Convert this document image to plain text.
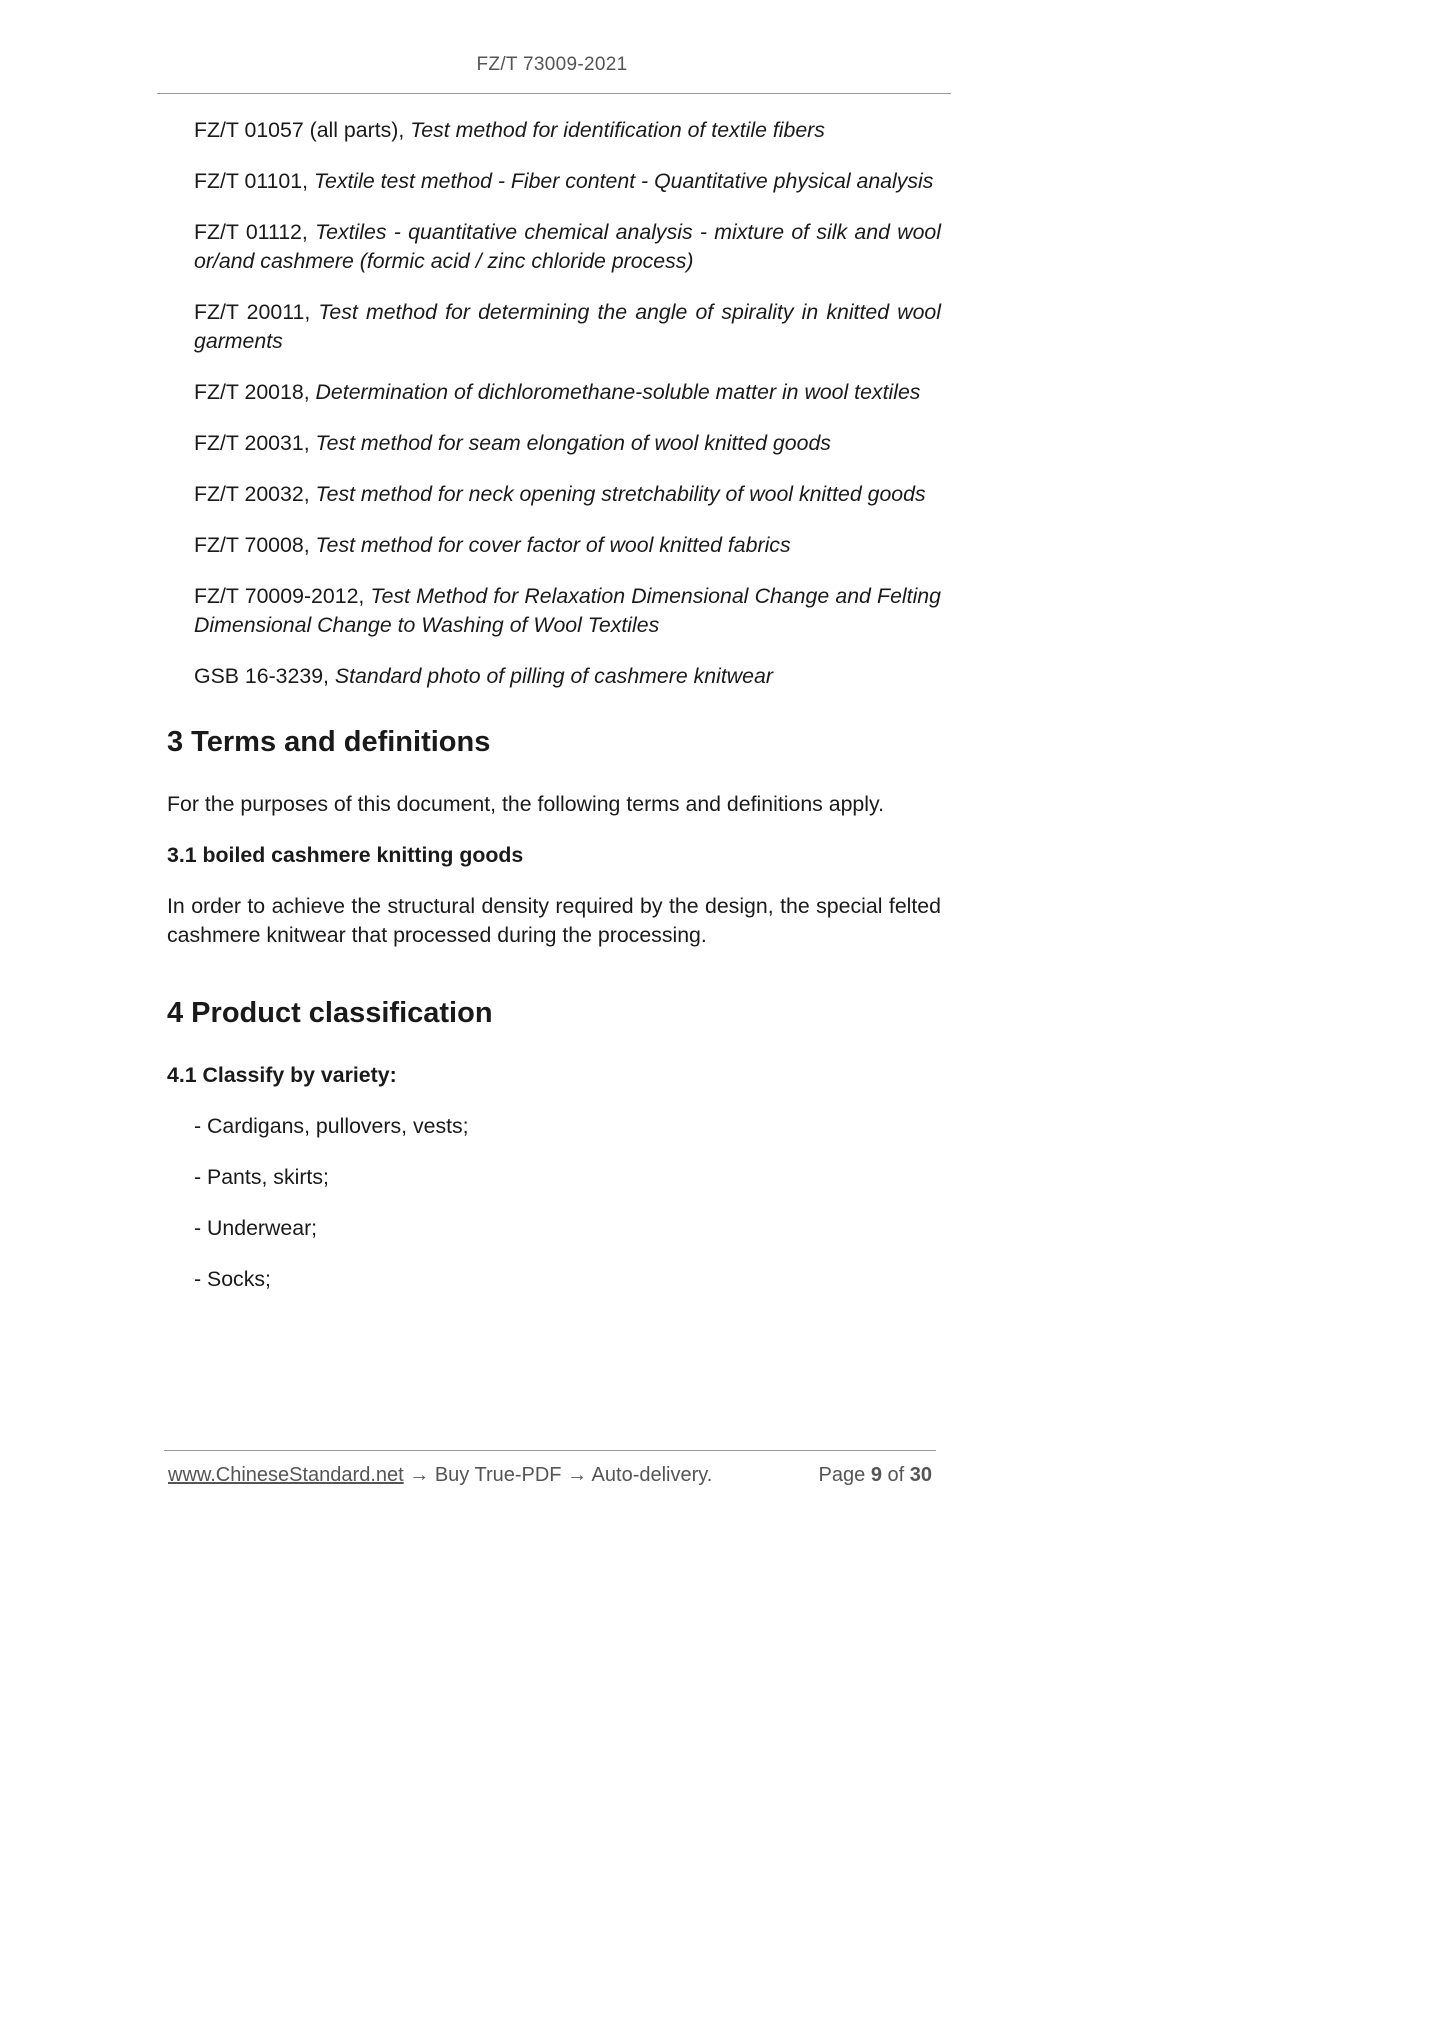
FZ/T 73009-2021
FZ/T 01057 (all parts), Test method for identification of textile fibers
FZ/T 01101, Textile test method - Fiber content - Quantitative physical analysis
FZ/T 01112, Textiles - quantitative chemical analysis - mixture of silk and wool or/and cashmere (formic acid / zinc chloride process)
FZ/T 20011, Test method for determining the angle of spirality in knitted wool garments
FZ/T 20018, Determination of dichloromethane-soluble matter in wool textiles
FZ/T 20031, Test method for seam elongation of wool knitted goods
FZ/T 20032, Test method for neck opening stretchability of wool knitted goods
FZ/T 70008, Test method for cover factor of wool knitted fabrics
FZ/T 70009-2012, Test Method for Relaxation Dimensional Change and Felting Dimensional Change to Washing of Wool Textiles
GSB 16-3239, Standard photo of pilling of cashmere knitwear
3 Terms and definitions

For the purposes of this document, the following terms and definitions apply.

3.1 boiled cashmere knitting goods

In order to achieve the structural density required by the design, the special felted cashmere knitwear that processed during the processing.

4 Product classification

4.1 Classify by variety:

- Cardigans, pullovers, vests;
- Pants, skirts;
- Underwear;
- Socks;
www.ChineseStandard.net → Buy True-PDF → Auto-delivery.	Page 9 of 30
